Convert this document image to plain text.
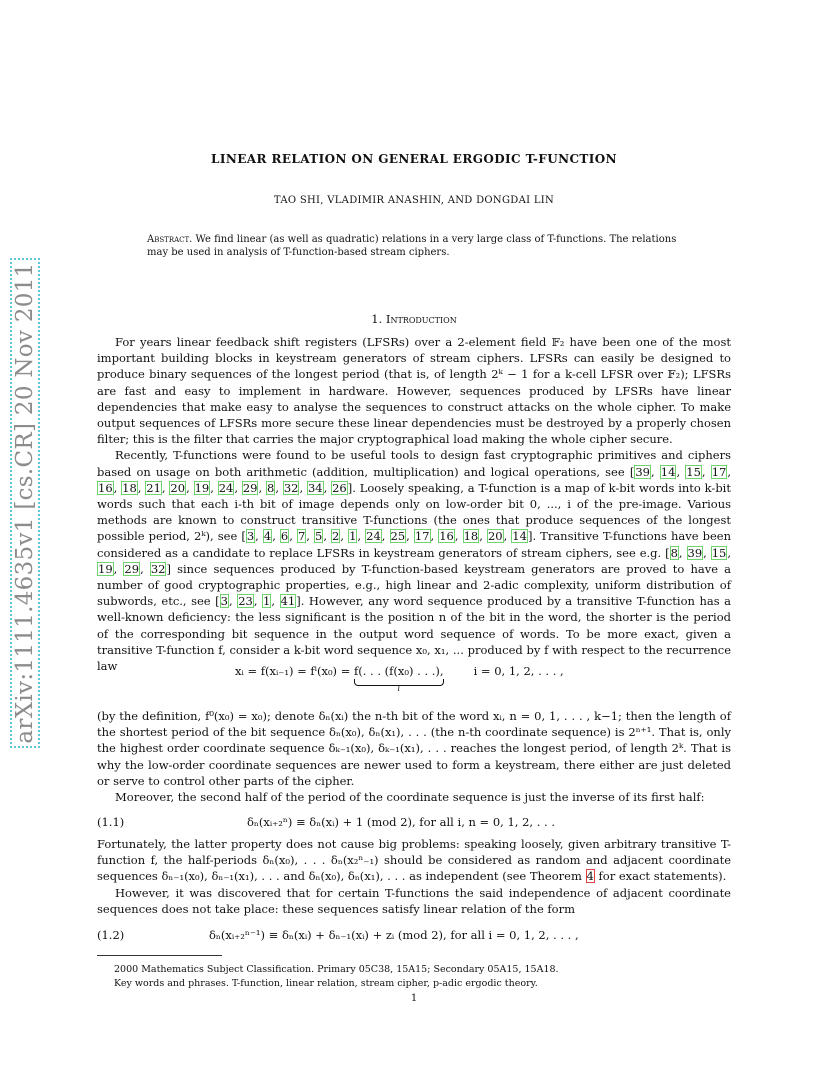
arXiv:1111.4635v1 [cs.CR] 20 Nov 2011
LINEAR RELATION ON GENERAL ERGODIC T-FUNCTION
TAO SHI, VLADIMIR ANASHIN, AND DONGDAI LIN
Abstract. We find linear (as well as quadratic) relations in a very large class of T-functions. The relations may be used in analysis of T-function-based stream ciphers.
1. Introduction

For years linear feedback shift registers (LFSRs) over a 2-element field 𝔽₂ have been one of the most important building blocks in keystream generators of stream ciphers. LFSRs can easily be designed to produce binary sequences of the longest period (that is, of length 2ᵏ − 1 for a k-cell LFSR over 𝔽₂); LFSRs are fast and easy to implement in hardware. However, sequences produced by LFSRs have linear dependencies that make easy to analyse the sequences to construct attacks on the whole cipher. To make output sequences of LFSRs more secure these linear dependencies must be destroyed by a properly chosen filter; this is the filter that carries the major cryptographical load making the whole cipher secure.

Recently, T-functions were found to be useful tools to design fast cryptographic primitives and ciphers based on usage on both arithmetic (addition, multiplication) and logical operations, see [39, 14, 15, 17, 16, 18, 21, 20, 19, 24, 29, 8, 32, 34, 26]. Loosely speaking, a T-function is a map of k-bit words into k-bit words such that each i-th bit of image depends only on low-order bit 0, ..., i of the pre-image. Various methods are known to construct transitive T-functions (the ones that produce sequences of the longest possible period, 2ᵏ), see [3, 4, 6, 7, 5, 2, 1, 24, 25, 17, 16, 18, 20, 14]. Transitive T-functions have been considered as a candidate to replace LFSRs in keystream generators of stream ciphers, see e.g. [8, 39, 15, 19, 29, 32] since sequences produced by T-function-based keystream generators are proved to have a number of good cryptographic properties, e.g., high linear and 2-adic complexity, uniform distribution of subwords, etc., see [3, 23, 1, 41]. However, any word sequence produced by a transitive T-function has a well-known deficiency: the less significant is the position n of the bit in the word, the shorter is the period of the corresponding bit sequence in the output word sequence of words. To be more exact, given a transitive T-function f, consider a k-bit word sequence x₀, x₁, ... produced by f with respect to the recurrence law	xᵢ = f(xᵢ₋₁) = fⁱ(x₀) = f(. . . (f(x₀) . . .),
i
i = 0, 1, 2, . . . ,

(by the definition, f⁰(x₀) = x₀); denote δₙ(xᵢ) the n-th bit of the word xᵢ, n = 0, 1, . . . , k−1; then the length of the shortest period of the bit sequence δₙ(x₀), δₙ(x₁), . . . (the n-th coordinate sequence) is 2ⁿ⁺¹. That is, only the highest order coordinate sequence δₖ₋₁(x₀), δₖ₋₁(x₁), . . . reaches the longest period, of length 2ᵏ. That is why the low-order coordinate sequences are newer used to form a keystream, there either are just deleted or serve to control other parts of the cipher.

Moreover, the second half of the period of the coordinate sequence is just the inverse of its first half:

(1.1)	δₙ(xᵢ₊₂ⁿ) ≡ δₙ(xᵢ) + 1 (mod 2), for all i, n = 0, 1, 2, . . .

Fortunately, the latter property does not cause big problems: speaking loosely, given arbitrary transitive T-function f, the half-periods δₙ(x₀), . . . δₙ(x₂ⁿ₋₁) should be considered as random and adjacent coordinate sequences δₙ₋₁(x₀), δₙ₋₁(x₁), . . . and δₙ(x₀), δₙ(x₁), . . . as independent (see Theorem 4 for exact statements).

However, it was discovered that for certain T-functions the said independence of adjacent coordinate sequences does not take place: these sequences satisfy linear relation of the form

(1.2)	δₙ(xᵢ₊₂ⁿ⁻¹) ≡ δₙ(xᵢ) + δₙ₋₁(xᵢ) + zᵢ (mod 2), for all i = 0, 1, 2, . . . ,
2000 Mathematics Subject Classification. Primary 05C38, 15A15; Secondary 05A15, 15A18.
Key words and phrases. T-function, linear relation, stream cipher, p-adic ergodic theory.
1
